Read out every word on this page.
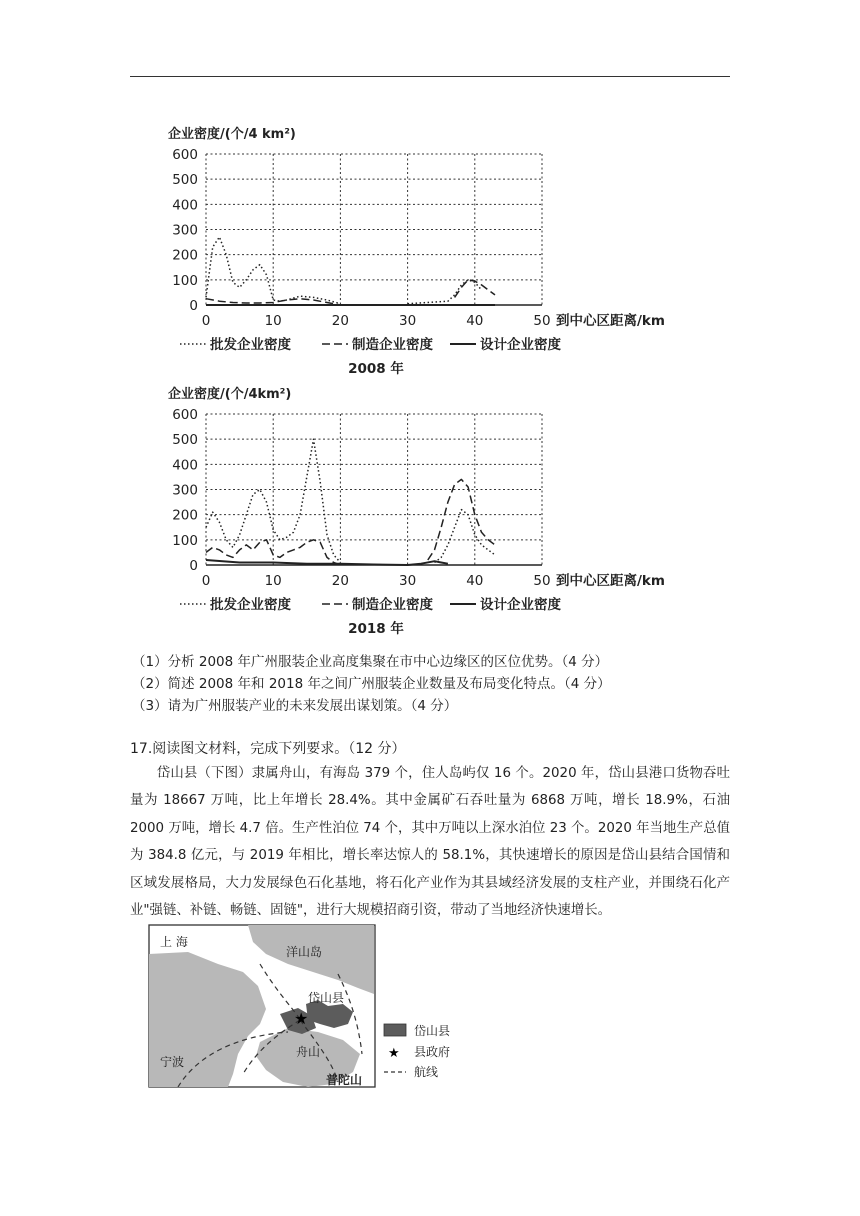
企业密度/(个/4 km²)
0
100
200
300
400
500
600
0	10	20	30	40	50 到中心区距离/km
批发企业密度	制造企业密度	设计企业密度
2008 年
企业密度/(个/4km²)
0
100
200
300
400
500
600
0	10	20	30	40	50 到中心区距离/km
批发企业密度	制造企业密度	设计企业密度
2018 年
（1）分析 2008 年广州服装企业高度集聚在市中心边缘区的区位优势。（4 分）
（2）简述 2008 年和 2018 年之间广州服装企业数量及布局变化特点。（4 分）
（3）请为广州服装产业的未来发展出谋划策。（4 分）
17.阅读图文材料，完成下列要求。（12 分）

岱山县（下图）隶属舟山，有海岛 379 个，住人岛屿仅 16 个。2020 年，岱山县港口货物吞吐量为 18667 万吨，比上年增长 28.4%。其中金属矿石吞吐量为 6868 万吨，增长 18.9%，石油 2000 万吨，增长 4.7 倍。生产性泊位 74 个，其中万吨以上深水泊位 23 个。2020 年当地生产总值为 384.8 亿元，与 2019 年相比，增长率达惊人的 58.1%，其快速增长的原因是岱山县结合国情和区域发展格局，大力发展绿色石化基地，将石化产业作为其县域经济发展的支柱产业，并围绕石化产业"强链、补链、畅链、固链"，进行大规模招商引资，带动了当地经济快速增长。

★
上 海
洋山岛
岱山县
舟山
宁波
普陀山
岱山县
★ 县政府
航线
